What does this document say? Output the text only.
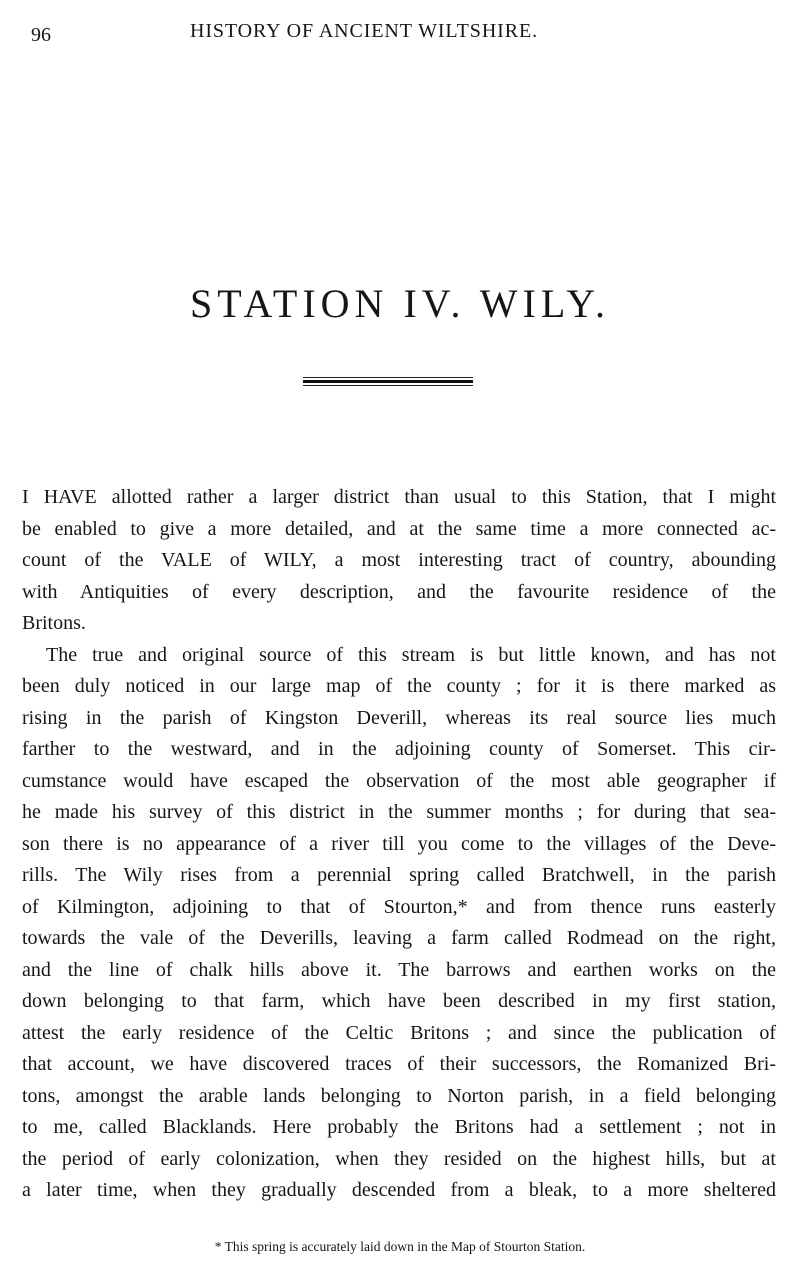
96	HISTORY OF ANCIENT WILTSHIRE.
STATION IV. WILY.
I HAVE allotted rather a larger district than usual to this Station, that I might
be enabled to give a more detailed, and at the same time a more connected ac-
count of the VALE of WILY, a most interesting tract of country, abounding
with Antiquities of every description, and the favourite residence of the
Britons.
The true and original source of this stream is but little known, and has not
been duly noticed in our large map of the county ; for it is there marked as
rising in the parish of Kingston Deverill, whereas its real source lies much
farther to the westward, and in the adjoining county of Somerset. This cir-
cumstance would have escaped the observation of the most able geographer if
he made his survey of this district in the summer months ; for during that sea-
son there is no appearance of a river till you come to the villages of the Deve-
rills. The Wily rises from a perennial spring called Bratchwell, in the parish
of Kilmington, adjoining to that of Stourton,* and from thence runs easterly
towards the vale of the Deverills, leaving a farm called Rodmead on the right,
and the line of chalk hills above it. The barrows and earthen works on the
down belonging to that farm, which have been described in my first station,
attest the early residence of the Celtic Britons ; and since the publication of
that account, we have discovered traces of their successors, the Romanized Bri-
tons, amongst the arable lands belonging to Norton parish, in a field belonging
to me, called Blacklands. Here probably the Britons had a settlement ; not in
the period of early colonization, when they resided on the highest hills, but at
a later time, when they gradually descended from a bleak, to a more sheltered
* This spring is accurately laid down in the Map of Stourton Station.
